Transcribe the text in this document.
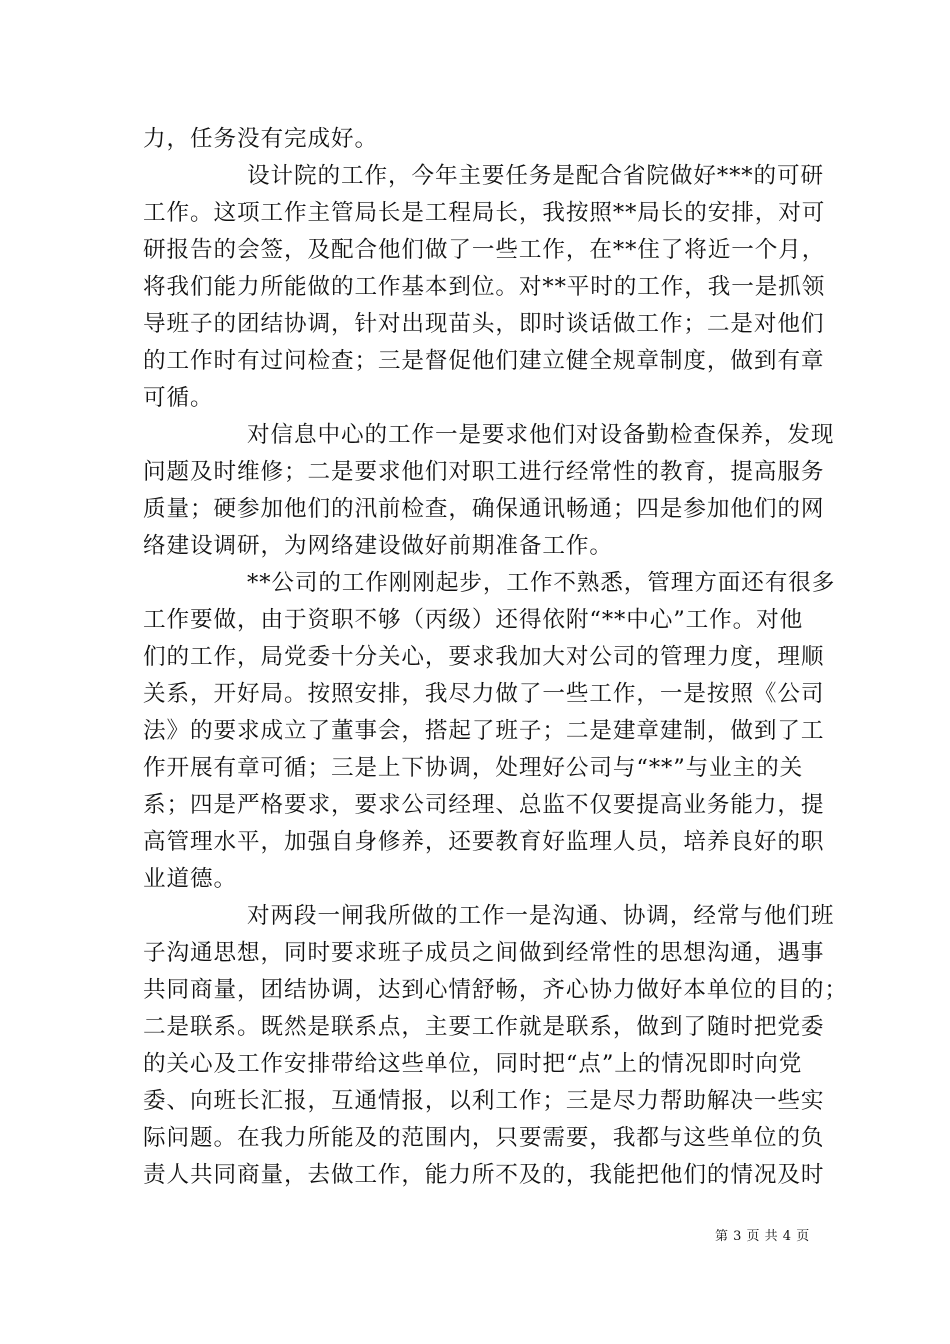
力，任务没有完成好。
设计院的工作，今年主要任务是配合省院做好***的可研
工作。这项工作主管局长是工程局长，我按照**局长的安排，对可
研报告的会签，及配合他们做了一些工作，在**住了将近一个月，
将我们能力所能做的工作基本到位。对**平时的工作，我一是抓领
导班子的团结协调，针对出现苗头，即时谈话做工作；二是对他们
的工作时有过问检查；三是督促他们建立健全规章制度，做到有章
可循。
对信息中心的工作一是要求他们对设备勤检查保养，发现
问题及时维修；二是要求他们对职工进行经常性的教育，提高服务
质量；硬参加他们的汛前检查，确保通讯畅通；四是参加他们的网
络建设调研，为网络建设做好前期准备工作。
**公司的工作刚刚起步，工作不熟悉，管理方面还有很多
工作要做，由于资职不够（丙级）还得依附“**中心”工作。对他
们的工作，局党委十分关心，要求我加大对公司的管理力度，理顺
关系，开好局。按照安排，我尽力做了一些工作，一是按照《公司
法》的要求成立了董事会，搭起了班子；二是建章建制，做到了工
作开展有章可循；三是上下协调，处理好公司与“**”与业主的关
系；四是严格要求，要求公司经理、总监不仅要提高业务能力，提
高管理水平，加强自身修养，还要教育好监理人员，培养良好的职
业道德。
对两段一闸我所做的工作一是沟通、协调，经常与他们班
子沟通思想，同时要求班子成员之间做到经常性的思想沟通，遇事
共同商量，团结协调，达到心情舒畅，齐心协力做好本单位的目的；
二是联系。既然是联系点，主要工作就是联系，做到了随时把党委
的关心及工作安排带给这些单位，同时把“点”上的情况即时向党
委、向班长汇报，互通情报，以利工作；三是尽力帮助解决一些实
际问题。在我力所能及的范围内，只要需要，我都与这些单位的负
责人共同商量，去做工作，能力所不及的，我能把他们的情况及时
第 3 页 共 4 页
